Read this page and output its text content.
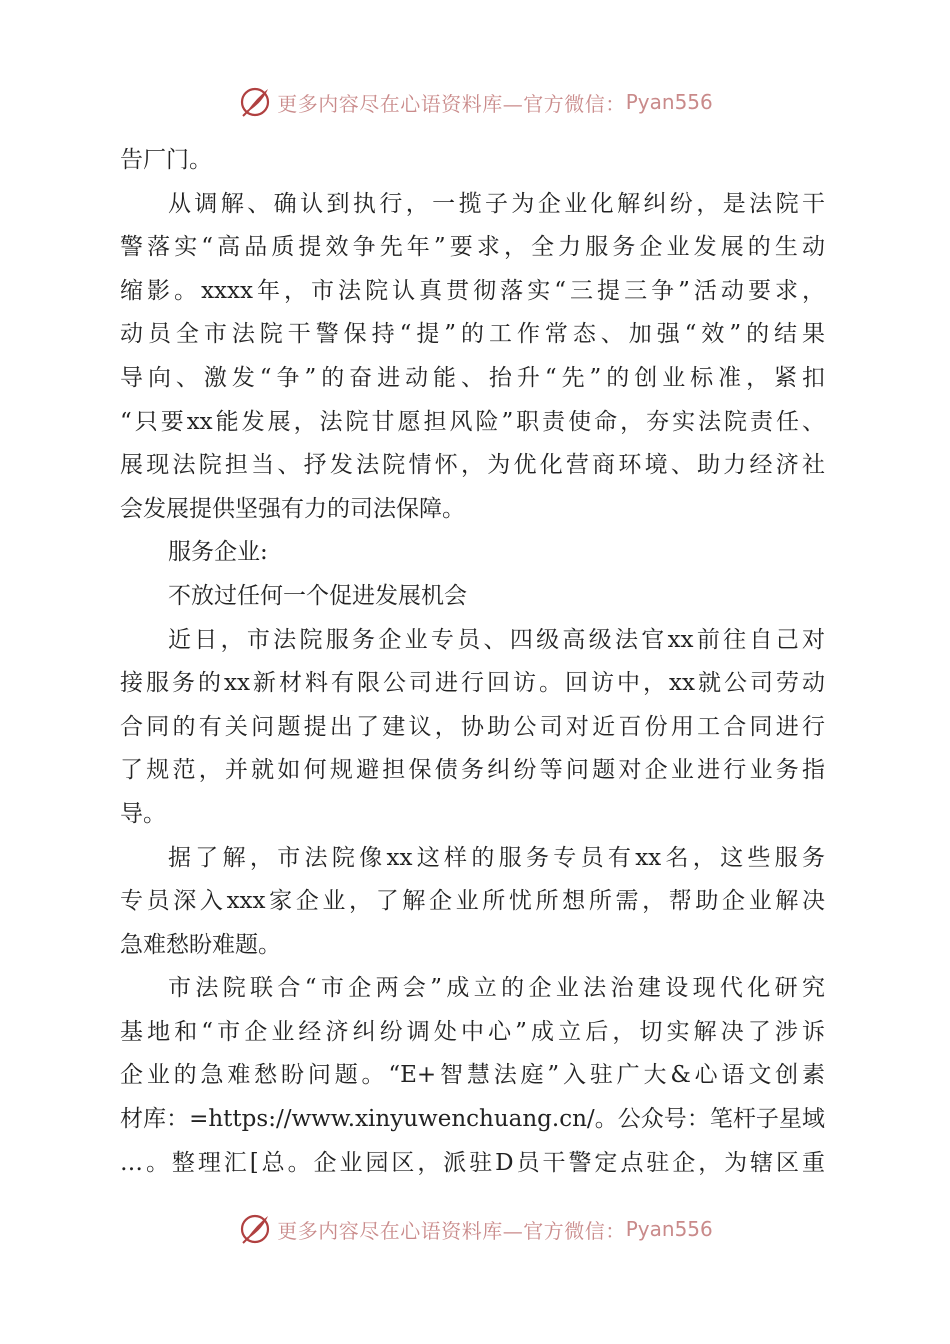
更多内容尽在心语资料库—官方微信： Pyan556
告厂门。
从调解、确认到执行，一揽子为企业化解纠纷，是法院干
警落实“高品质提效争先年”要求，全力服务企业发展的生动
缩影。xxxx年，市法院认真贯彻落实“三提三争”活动要求，
动员全市法院干警保持“提”的工作常态、加强“效”的结果
导向、激发“争”的奋进动能、抬升“先”的创业标准，紧扣
“只要xx能发展，法院甘愿担风险”职责使命，夯实法院责任、
展现法院担当、抒发法院情怀，为优化营商环境、助力经济社
会发展提供坚强有力的司法保障。
服务企业:
不放过任何一个促进发展机会
近日，市法院服务企业专员、四级高级法官xx前往自己对
接服务的xx新材料有限公司进行回访。回访中，xx就公司劳动
合同的有关问题提出了建议，协助公司对近百份用工合同进行
了规范，并就如何规避担保债务纠纷等问题对企业进行业务指
导。
据了解，市法院像xx这样的服务专员有xx名，这些服务
专员深入xxx家企业，了解企业所忧所想所需，帮助企业解决
急难愁盼难题。
市法院联合“市企两会”成立的企业法治建设现代化研究
基地和“市企业经济纠纷调处中心”成立后，切实解决了涉诉
企业的急难愁盼问题。“E+智慧法庭”入驻广大&心语文创素
材库：=https://www.xinyuwenchuang.cn/。公众号：笔杆子星域
…。整理汇[总。企业园区，派驻D员干警定点驻企，为辖区重
更多内容尽在心语资料库—官方微信： Pyan556
